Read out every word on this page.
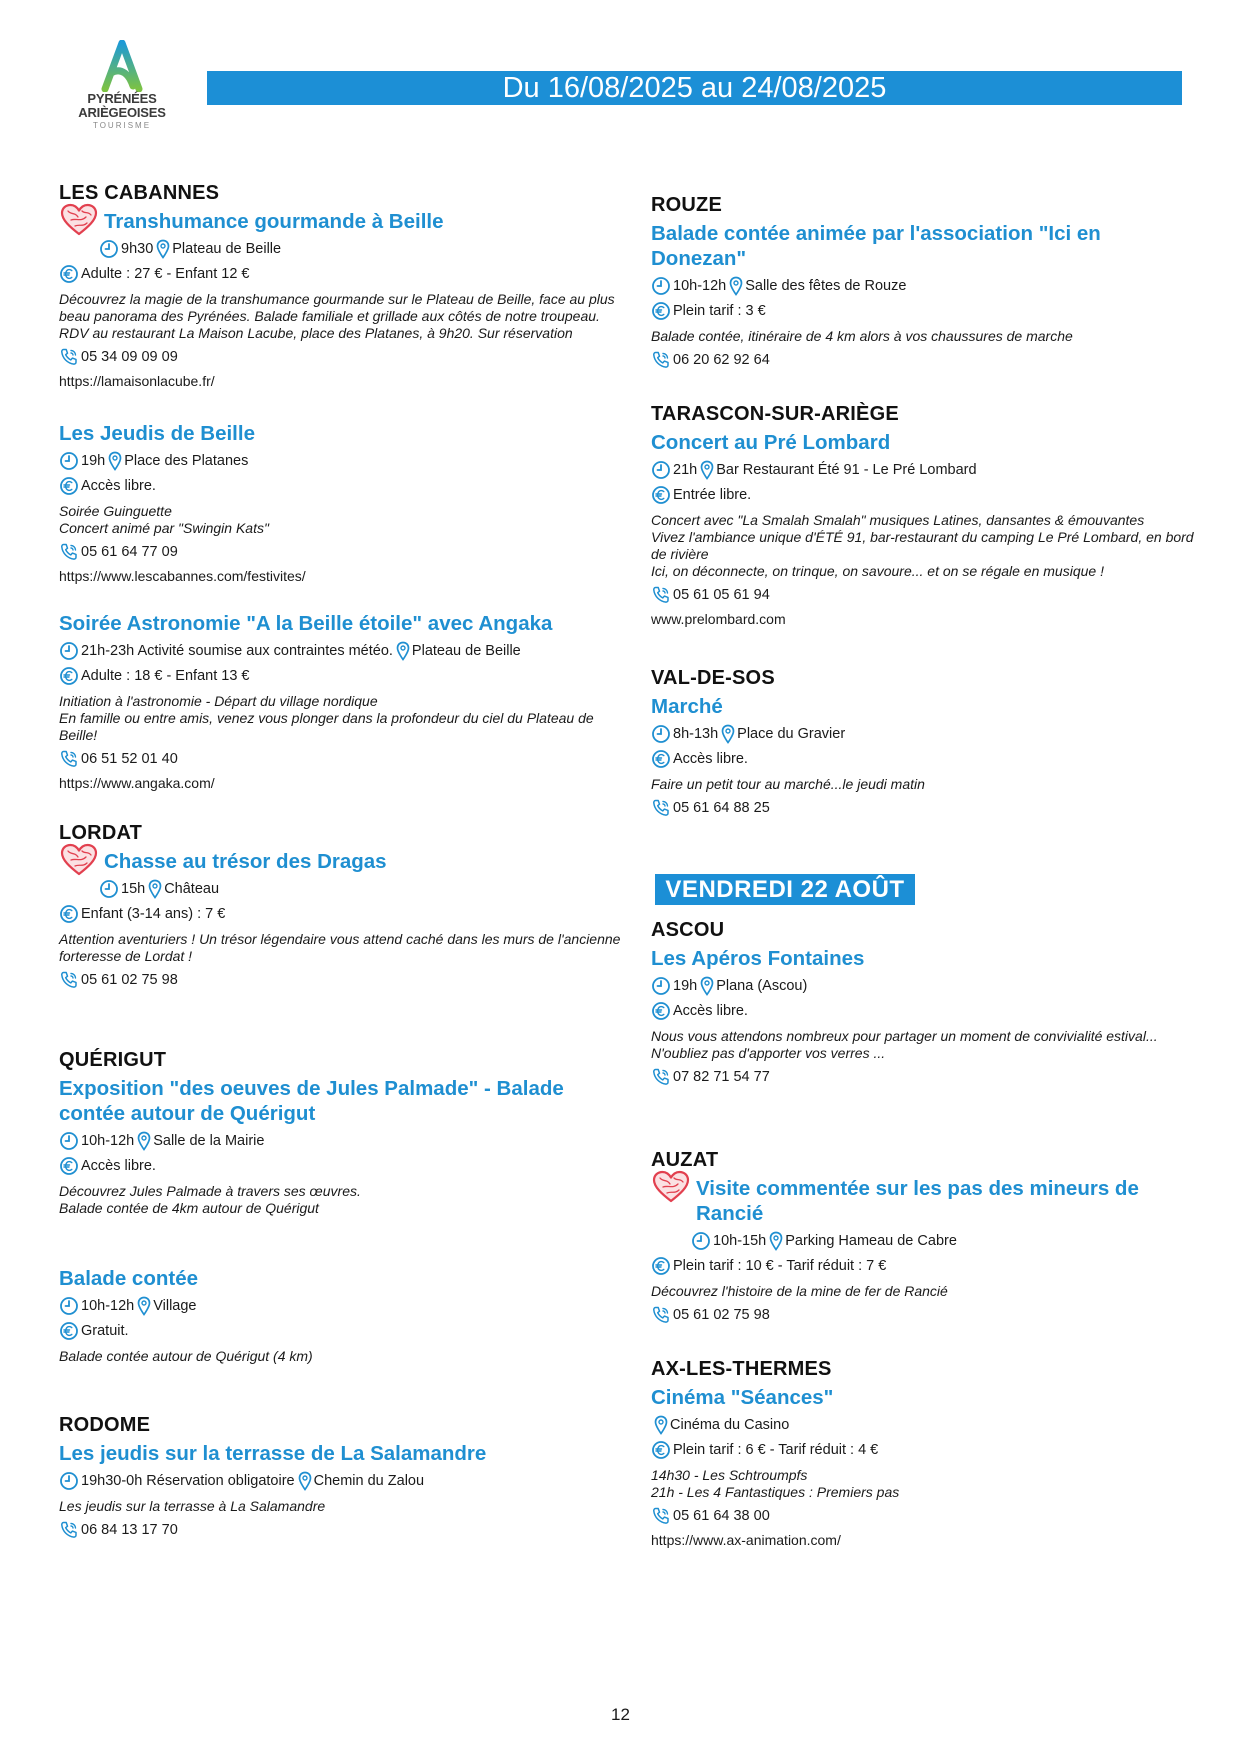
PYRÉNÉES
ARIÈGEOISES
TOURISME
Du 16/08/2025 au 24/08/2025
LES CABANNES
Transhumance gourmande à Beille
9h30 Plateau de Beille
Adulte : 27 € - Enfant 12 €
Découvrez la magie de la transhumance gourmande sur le Plateau de Beille, face au plus
beau panorama des Pyrénées. Balade familiale et grillade aux côtés de notre troupeau.
RDV au restaurant La Maison Lacube, place des Platanes, à 9h20. Sur réservation
05 34 09 09 09
https://lamaisonlacube.fr/
Les Jeudis de Beille
19h Place des Platanes
Accès libre.
Soirée Guinguette
Concert animé par "Swingin Kats"
05 61 64 77 09
https://www.lescabannes.com/festivites/
Soirée Astronomie "A la Beille étoile" avec Angaka
21h-23h Activité soumise aux contraintes météo. Plateau de Beille
Adulte : 18 € - Enfant 13 €
Initiation à l'astronomie - Départ du village nordique
En famille ou entre amis, venez vous plonger dans la profondeur du ciel du Plateau de
Beille!
06 51 52 01 40
https://www.angaka.com/
LORDAT
Chasse au trésor des Dragas
15h Château
Enfant (3-14 ans) : 7 €
Attention aventuriers ! Un trésor légendaire vous attend caché dans les murs de l'ancienne
forteresse de Lordat !
05 61 02 75 98
QUÉRIGUT
Exposition "des oeuves de Jules Palmade" - Balade contée autour de Quérigut
10h-12h Salle de la Mairie
Accès libre.
Découvrez Jules Palmade à travers ses œuvres.
Balade contée de 4km autour de Quérigut
Balade contée
10h-12h Village
Gratuit.
Balade contée autour de Quérigut (4 km)
RODOME
Les jeudis sur la terrasse de La Salamandre
19h30-0h Réservation obligatoire Chemin du Zalou
Les jeudis sur la terrasse à La Salamandre
06 84 13 17 70
ROUZE
Balade contée animée par l'association "Ici en Donezan"
10h-12h Salle des fêtes de Rouze
Plein tarif : 3 €
Balade contée, itinéraire de 4 km alors à vos chaussures de marche
06 20 62 92 64
TARASCON-SUR-ARIÈGE
Concert au Pré Lombard
21h Bar Restaurant Été 91 - Le Pré Lombard
Entrée libre.
Concert avec "La Smalah Smalah" musiques Latines, dansantes & émouvantes
Vivez l'ambiance unique d'ÉTÉ 91, bar-restaurant du camping Le Pré Lombard, en bord
de rivière
Ici, on déconnecte, on trinque, on savoure... et on se régale en musique !
05 61 05 61 94
www.prelombard.com
VAL-DE-SOS
Marché
8h-13h Place du Gravier
Accès libre.
Faire un petit tour au marché...le jeudi matin
05 61 64 88 25
ASCOU
Les Apéros Fontaines
19h Plana (Ascou)
Accès libre.
Nous vous attendons nombreux pour partager un moment de convivialité estival...
N'oubliez pas d'apporter vos verres ...
07 82 71 54 77
AUZAT
Visite commentée sur les pas des mineurs de Rancié
10h-15h Parking Hameau de Cabre
Plein tarif : 10 € - Tarif réduit : 7 €
Découvrez l'histoire de la mine de fer de Rancié
05 61 02 75 98
AX-LES-THERMES
Cinéma "Séances"
Cinéma du Casino
Plein tarif : 6 € - Tarif réduit : 4 €
14h30 - Les Schtroumpfs
21h - Les 4 Fantastiques : Premiers pas
05 61 64 38 00
https://www.ax-animation.com/
VENDREDI 22 AOÛT
12
